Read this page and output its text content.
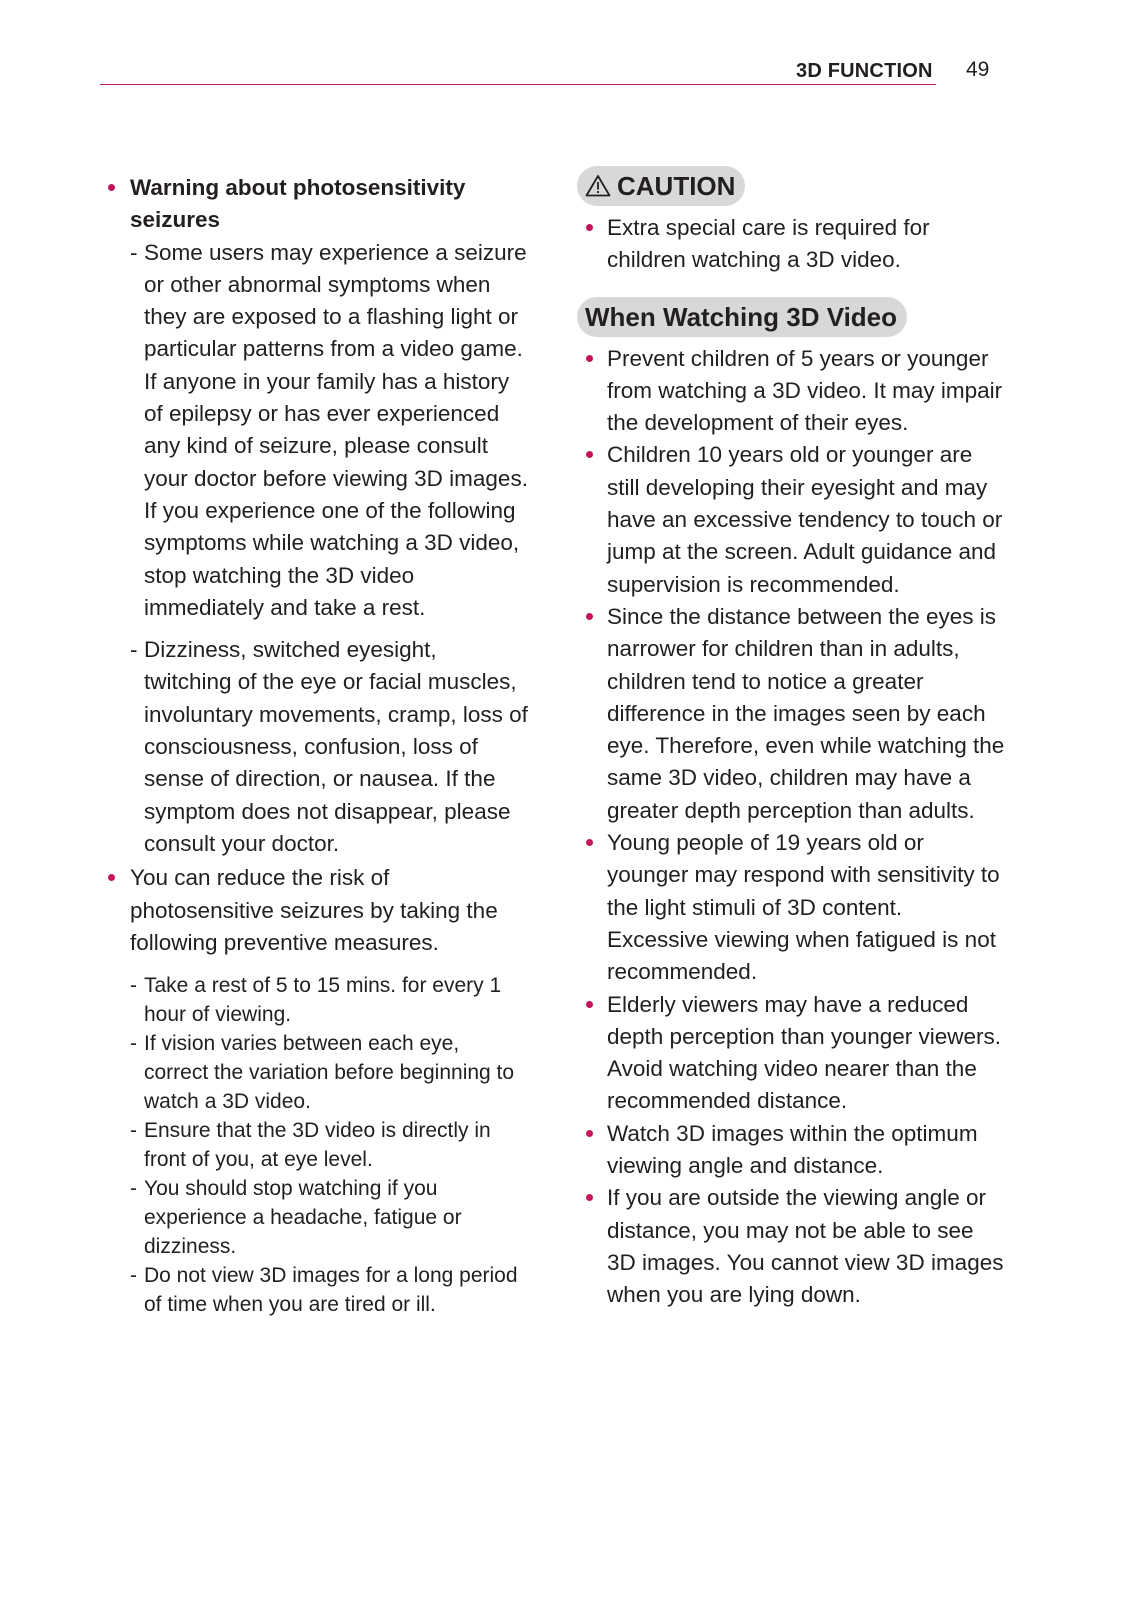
3D FUNCTION 49
Warning about photosensitivity seizures
- Some users may experience a seizure or other abnormal symptoms when they are exposed to a flashing light or particular patterns from a video game. If anyone in your family has a history of epilepsy or has ever experienced any kind of seizure, please consult your doctor before viewing 3D images.
If you experience one of the following symptoms while watching a 3D video, stop watching the 3D video immediately and take a rest.
- Dizziness, switched eyesight, twitching of the eye or facial muscles, involuntary movements, cramp, loss of consciousness, confusion, loss of sense of direction, or nausea. If the symptom does not disappear, please consult your doctor.
You can reduce the risk of photosensitive seizures by taking the following preventive measures.
- Take a rest of 5 to 15 mins. for every 1 hour of viewing.
- If vision varies between each eye, correct the variation before beginning to watch a 3D video.
- Ensure that the 3D video is directly in front of you, at eye level.
- You should stop watching if you experience a headache, fatigue or dizziness.
- Do not view 3D images for a long period of time when you are tired or ill.
CAUTION
Extra special care is required for children watching a 3D video.
When Watching 3D Video
Prevent children of 5 years or younger from watching a 3D video. It may impair the development of their eyes.
Children 10 years old or younger are still developing their eyesight and may have an excessive tendency to touch or jump at the screen. Adult guidance and supervision is recommended.
Since the distance between the eyes is narrower for children than in adults, children tend to notice a greater difference in the images seen by each eye. Therefore, even while watching the same 3D video, children may have a greater depth perception than adults.
Young people of 19 years old or younger may respond with sensitivity to the light stimuli of 3D content. Excessive viewing when fatigued is not recommended.
Elderly viewers may have a reduced depth perception than younger viewers. Avoid watching video nearer than the recommended distance.
Watch 3D images within the optimum viewing angle and distance.
If you are outside the viewing angle or distance, you may not be able to see 3D images. You cannot view 3D images when you are lying down.
